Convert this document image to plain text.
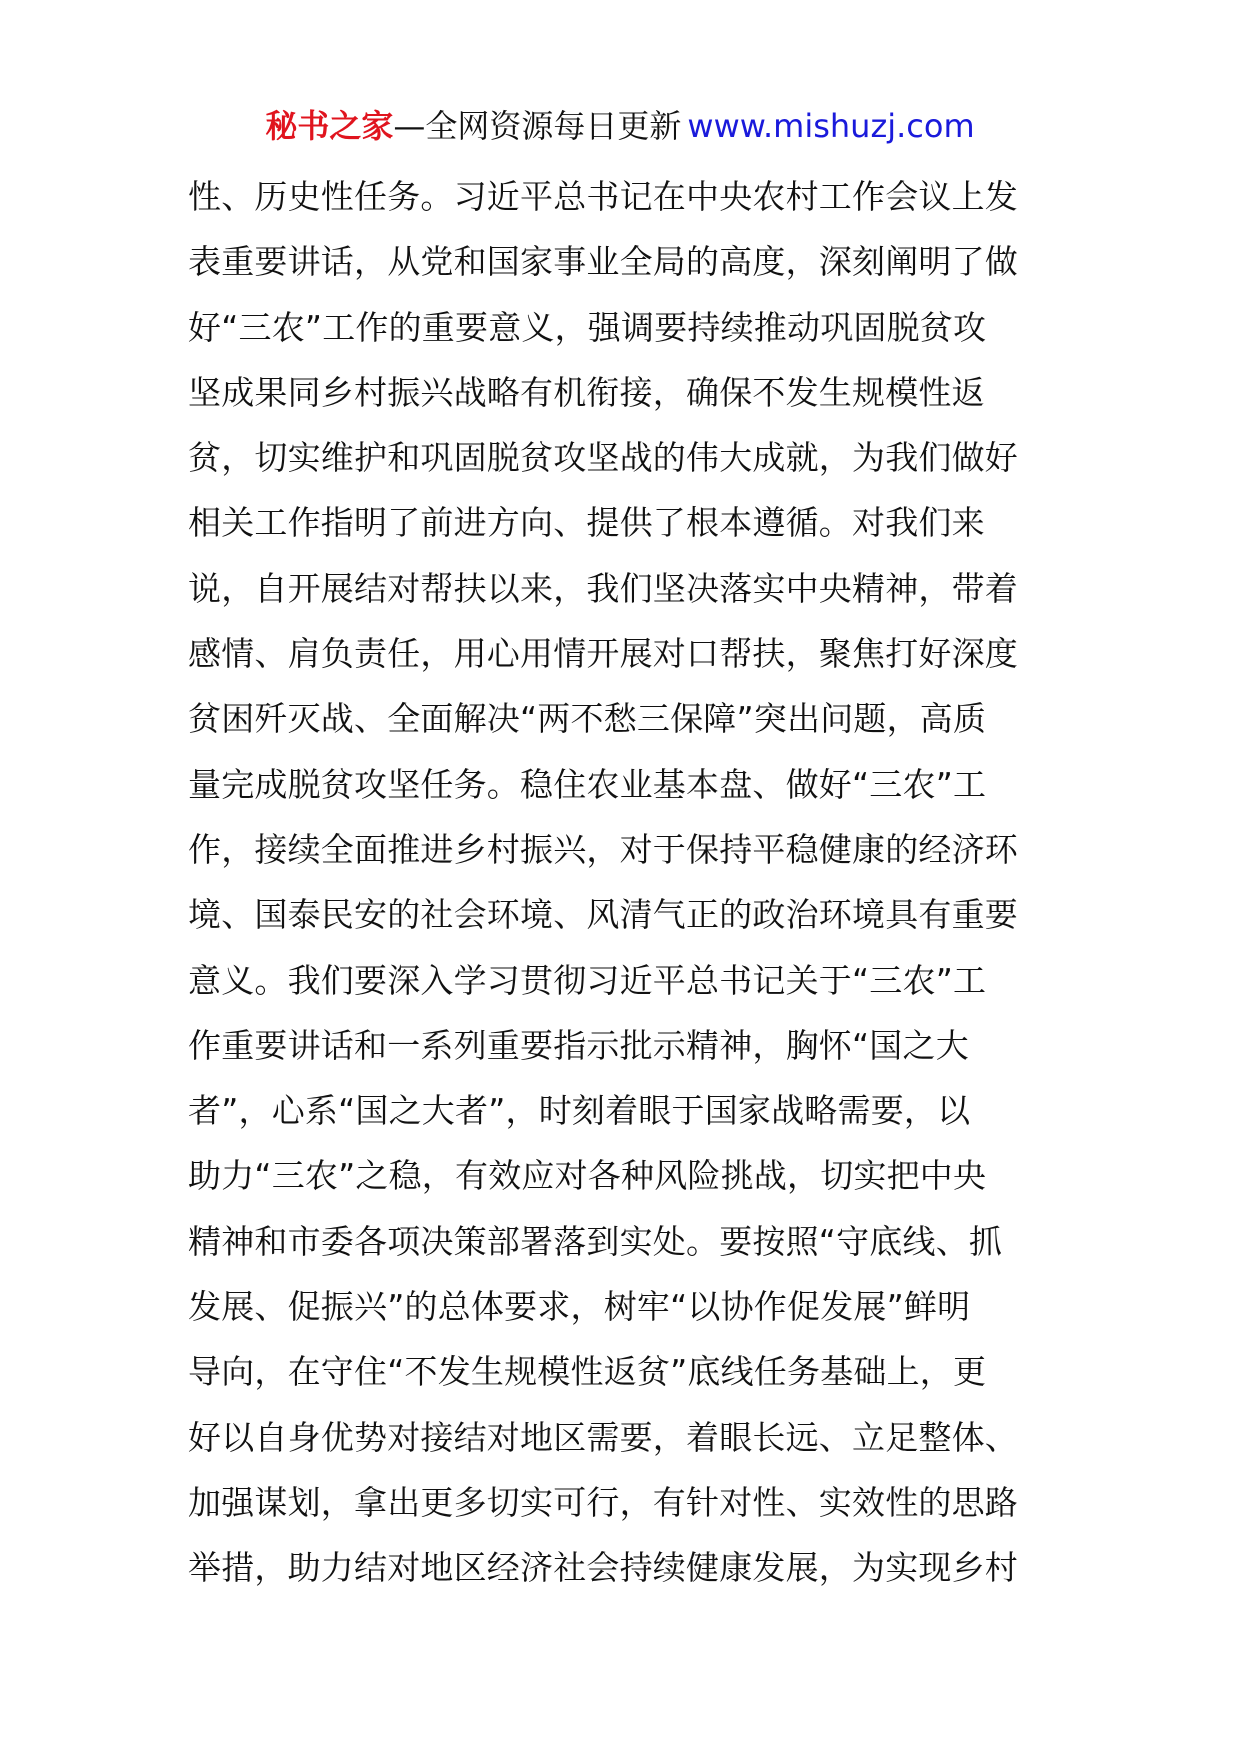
秘书之家—全网资源每日更新 www.mishuzj.com
性、历史性任务。习近平总书记在中央农村工作会议上发
表重要讲话，从党和国家事业全局的高度，深刻阐明了做
好“三农”工作的重要意义，强调要持续推动巩固脱贫攻
坚成果同乡村振兴战略有机衔接，确保不发生规模性返
贫，切实维护和巩固脱贫攻坚战的伟大成就，为我们做好
相关工作指明了前进方向、提供了根本遵循。对我们来
说，自开展结对帮扶以来，我们坚决落实中央精神，带着
感情、肩负责任，用心用情开展对口帮扶，聚焦打好深度
贫困歼灭战、全面解决“两不愁三保障”突出问题，高质
量完成脱贫攻坚任务。稳住农业基本盘、做好“三农”工
作，接续全面推进乡村振兴，对于保持平稳健康的经济环
境、国泰民安的社会环境、风清气正的政治环境具有重要
意义。我们要深入学习贯彻习近平总书记关于“三农”工
作重要讲话和一系列重要指示批示精神，胸怀“国之大
者”，心系“国之大者”，时刻着眼于国家战略需要，以
助力“三农”之稳，有效应对各种风险挑战，切实把中央
精神和市委各项决策部署落到实处。要按照“守底线、抓
发展、促振兴”的总体要求，树牢“以协作促发展”鲜明
导向，在守住“不发生规模性返贫”底线任务基础上，更
好以自身优势对接结对地区需要，着眼长远、立足整体、
加强谋划，拿出更多切实可行，有针对性、实效性的思路
举措，助力结对地区经济社会持续健康发展，为实现乡村
